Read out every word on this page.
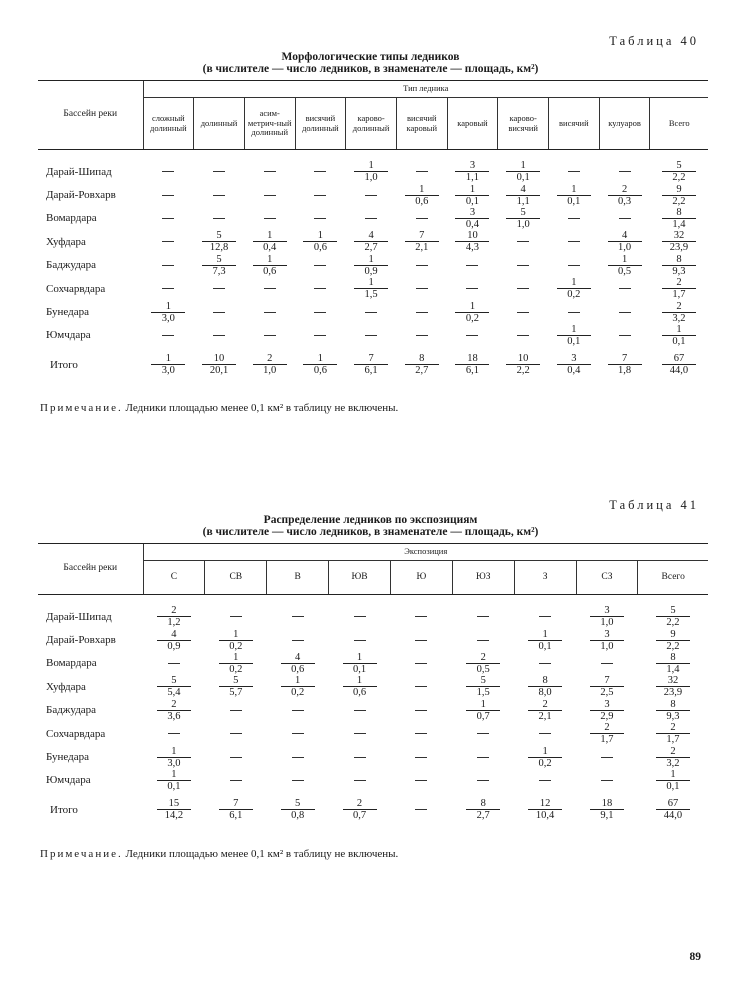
Таблица 40
Морфологические типы ледников
(в числителе — число ледников, в знаменателе — площадь, км²)
Бассейн реки	Тип ледника										
	сложный долинный	долинный	асим-метрич-ный долинный	висячий долинный	карово-долинный	висячий каровый	каровый	карово-висячий	висячий	кулуаров	Всего

Дарай-Шипад					$\frac{1}{1,0}$		$\frac{3}{1,1}$	$\frac{1}{0,1}$			$\frac{5}{2,2}$

Дарай-Ровхарв						$\frac{1}{0,6}$	$\frac{1}{0,1}$	$\frac{4}{1,1}$	$\frac{1}{0,1}$	$\frac{2}{0,3}$	$\frac{9}{2,2}$

Вомардара							$\frac{3}{0,4}$	$\frac{5}{1,0}$			$\frac{8}{1,4}$

Хуфдара		$\frac{5}{12,8}$	$\frac{1}{0,4}$	$\frac{1}{0,6}$	$\frac{4}{2,7}$	$\frac{7}{2,1}$	$\frac{10}{4,3}$			$\frac{4}{1,0}$	$\frac{32}{23,9}$

Баджудара		$\frac{5}{7,3}$	$\frac{1}{0,6}$		$\frac{1}{0,9}$					$\frac{1}{0,5}$	$\frac{8}{9,3}$

Сохчарвдара					$\frac{1}{1,5}$				$\frac{1}{0,2}$		$\frac{2}{1,7}$

Бунедара	$\frac{1}{3,0}$						$\frac{1}{0,2}$				$\frac{2}{3,2}$

Юмчдара									$\frac{1}{0,1}$		$\frac{1}{0,1}$

Итого	$\frac{1}{3,0}$	$\frac{10}{20,1}$	$\frac{2}{1,0}$	$\frac{1}{0,6}$	$\frac{7}{6,1}$	$\frac{8}{2,7}$	$\frac{18}{6,1}$	$\frac{10}{2,2}$	$\frac{3}{0,4}$	$\frac{7}{1,8}$	$\frac{67}{44,0}$
Примечание. Ледники площадью менее 0,1 км² в таблицу не включены.
Таблица 41
Распределение ледников по экспозициям
(в числителе — число ледников, в знаменателе — площадь, км²)
Бассейн реки	Экспозиция								
	С	СВ	В	ЮВ	Ю	ЮЗ	З	СЗ	Всего

Дарай-Шипад	$\frac{2}{1,2}$							$\frac{3}{1,0}$	$\frac{5}{2,2}$

Дарай-Ровхарв	$\frac{4}{0,9}$	$\frac{1}{0,2}$					$\frac{1}{0,1}$	$\frac{3}{1,0}$	$\frac{9}{2,2}$

Вомардара		$\frac{1}{0,2}$	$\frac{4}{0,6}$	$\frac{1}{0,1}$		$\frac{2}{0,5}$			$\frac{8}{1,4}$

Хуфдара	$\frac{5}{5,4}$	$\frac{5}{5,7}$	$\frac{1}{0,2}$	$\frac{1}{0,6}$		$\frac{5}{1,5}$	$\frac{8}{8,0}$	$\frac{7}{2,5}$	$\frac{32}{23,9}$

Баджудара	$\frac{2}{3,6}$					$\frac{1}{0,7}$	$\frac{2}{2,1}$	$\frac{3}{2,9}$	$\frac{8}{9,3}$

Сохчарвдара								$\frac{2}{1,7}$	$\frac{2}{1,7}$

Бунедара	$\frac{1}{3,0}$						$\frac{1}{0,2}$		$\frac{2}{3,2}$

Юмчдара	$\frac{1}{0,1}$								$\frac{1}{0,1}$

Итого	$\frac{15}{14,2}$	$\frac{7}{6,1}$	$\frac{5}{0,8}$	$\frac{2}{0,7}$		$\frac{8}{2,7}$	$\frac{12}{10,4}$	$\frac{18}{9,1}$	$\frac{67}{44,0}$
Примечание. Ледники площадью менее 0,1 км² в таблицу не включены.
89
